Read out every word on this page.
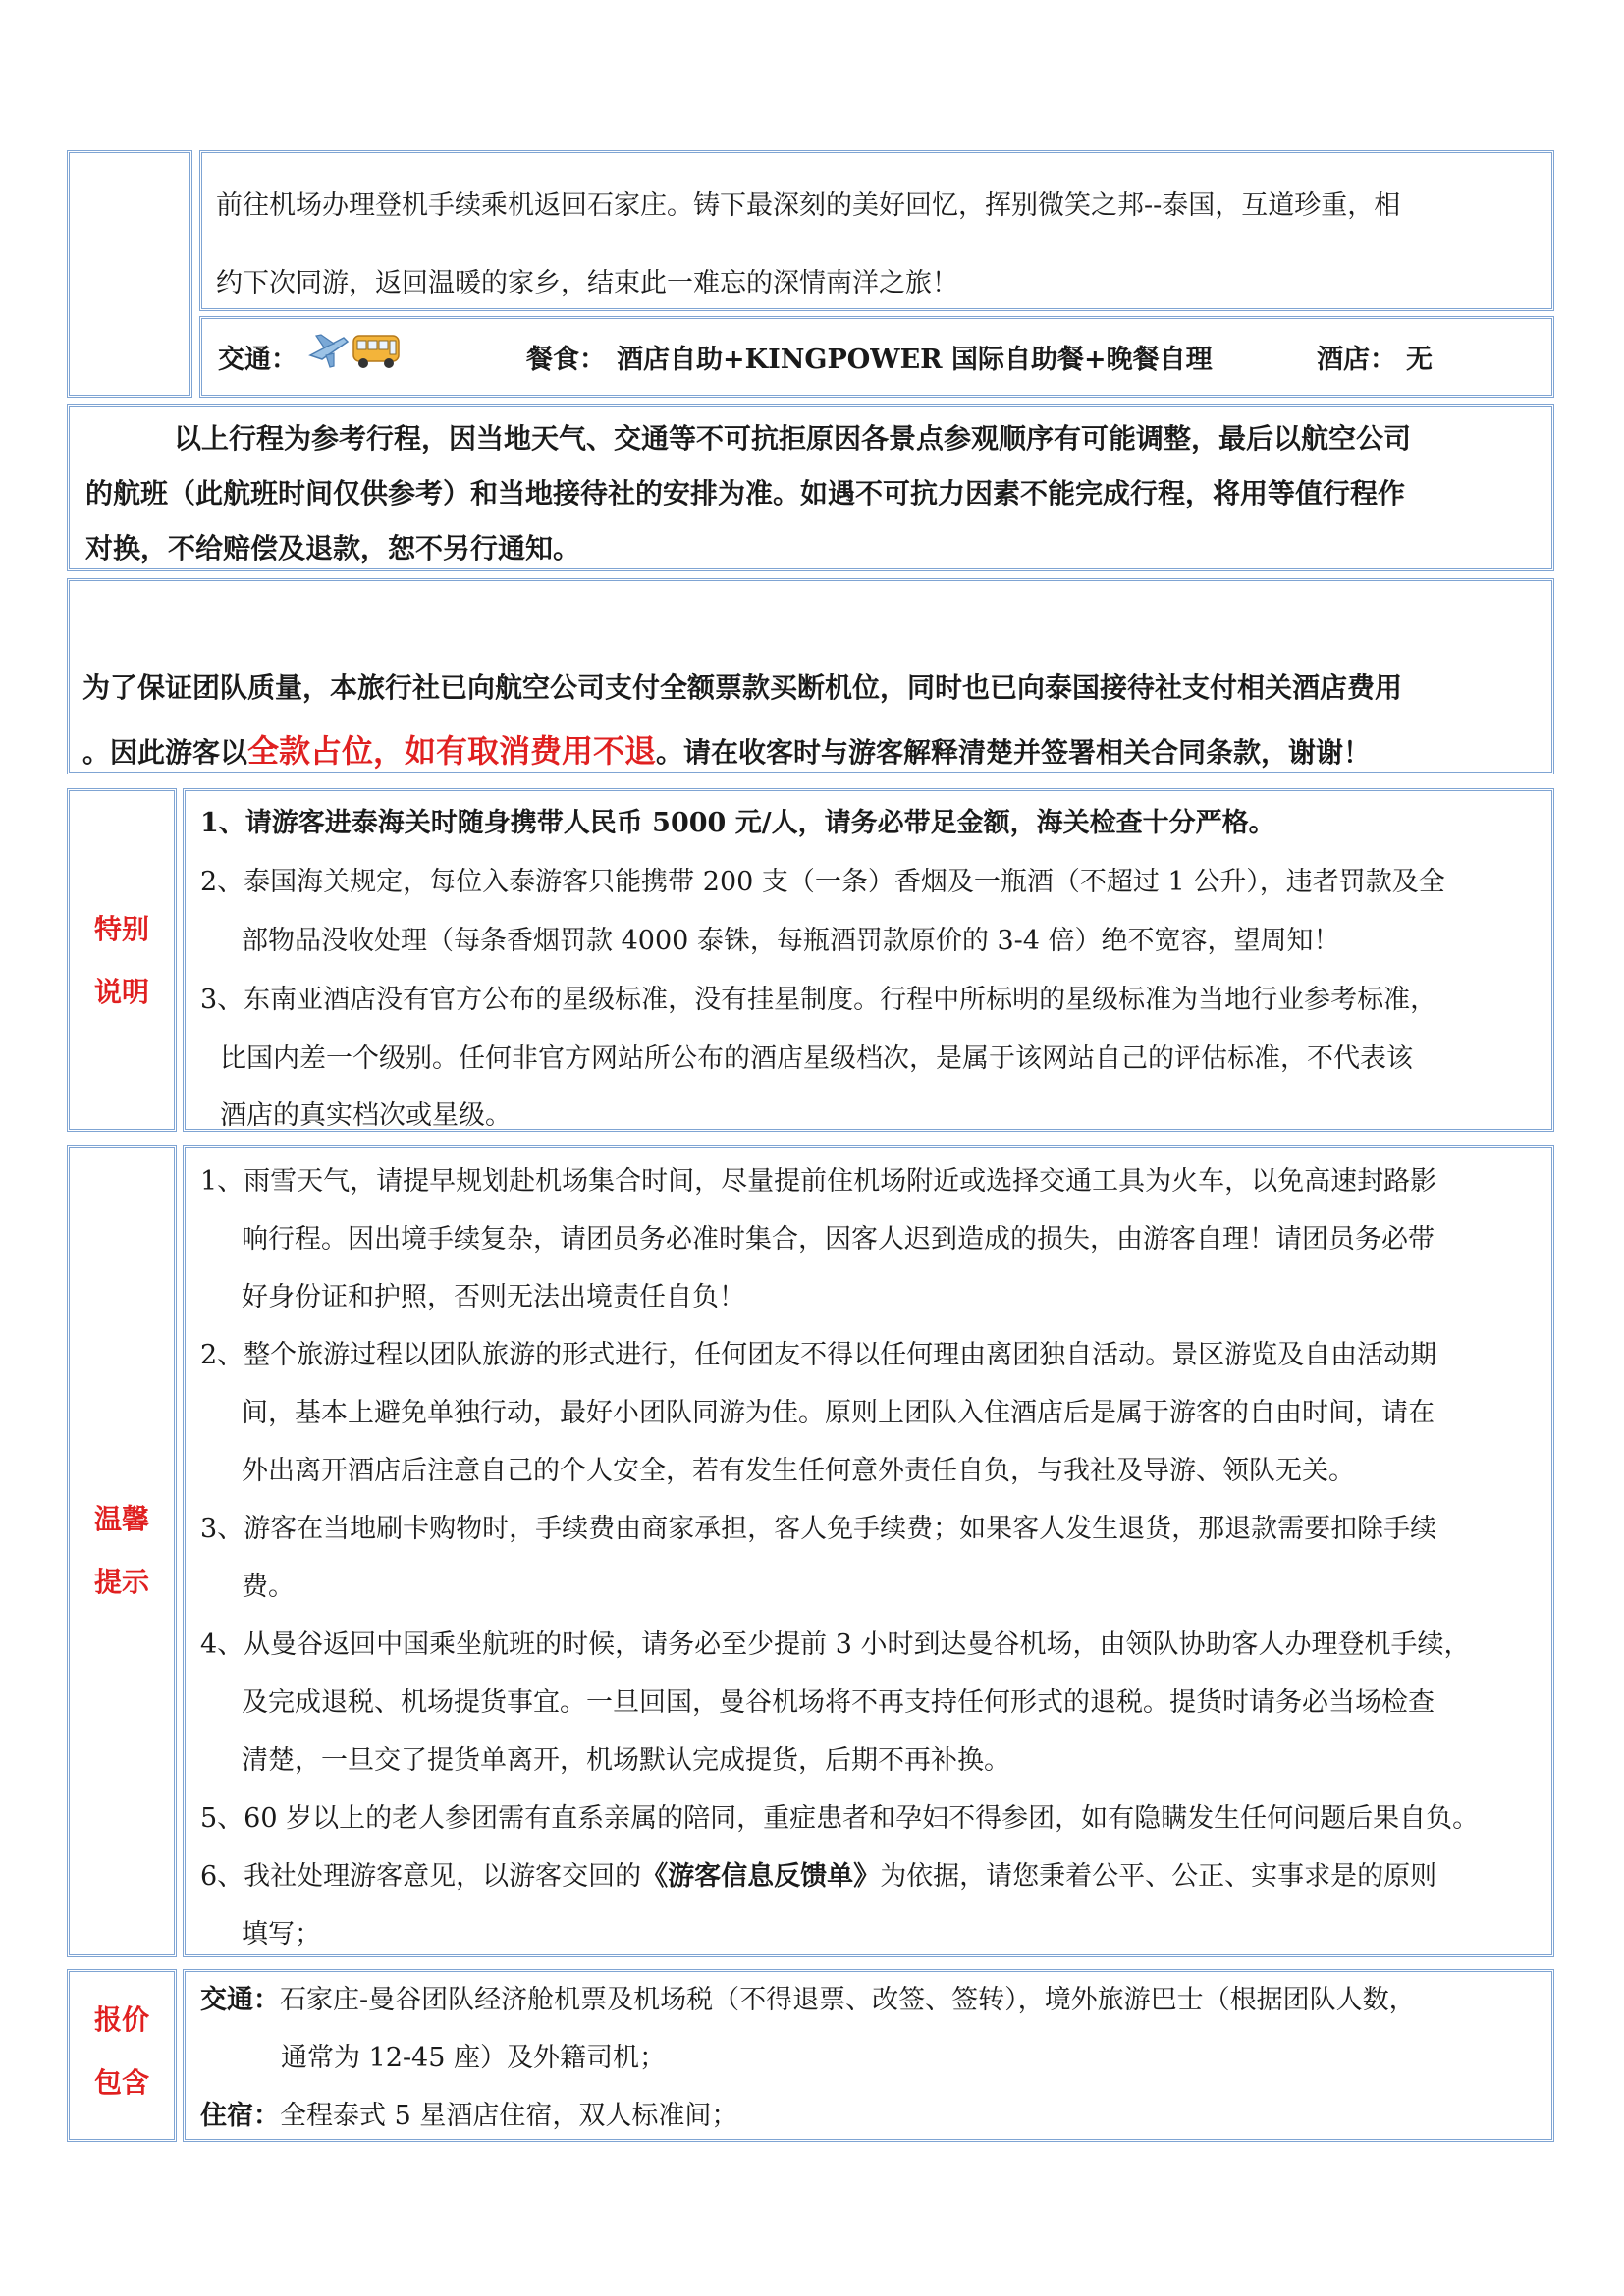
前往机场办理登机手续乘机返回石家庄。铸下最深刻的美好回忆，挥别微笑之邦--泰国，互道珍重，相
约下次同游，返回温暖的家乡，结束此一难忘的深情南洋之旅！
交通：	餐食： 酒店自助+KINGPOWER 国际自助餐+晚餐自理	酒店： 无
以上行程为参考行程，因当地天气、交通等不可抗拒原因各景点参观顺序有可能调整，最后以航空公司
的航班（此航班时间仅供参考）和当地接待社的安排为准。如遇不可抗力因素不能完成行程，将用等值行程作
对换，不给赔偿及退款，恕不另行通知。
为了保证团队质量，本旅行社已向航空公司支付全额票款买断机位，同时也已向泰国接待社支付相关酒店费用
。因此游客以全款占位，如有取消费用不退。请在收客时与游客解释清楚并签署相关合同条款，谢谢！
特别
说明
1、请游客进泰海关时随身携带人民币 5000 元/人，请务必带足金额，海关检查十分严格。
2、泰国海关规定，每位入泰游客只能携带 200 支（一条）香烟及一瓶酒（不超过 1 公升），违者罚款及全
部物品没收处理（每条香烟罚款 4000 泰铢，每瓶酒罚款原价的 3-4 倍）绝不宽容，望周知！
3、东南亚酒店没有官方公布的星级标准，没有挂星制度。行程中所标明的星级标准为当地行业参考标准，
比国内差一个级别。任何非官方网站所公布的酒店星级档次，是属于该网站自己的评估标准，不代表该
酒店的真实档次或星级。
温馨
提示
1、雨雪天气，请提早规划赴机场集合时间，尽量提前住机场附近或选择交通工具为火车，以免高速封路影
响行程。因出境手续复杂，请团员务必准时集合，因客人迟到造成的损失，由游客自理！请团员务必带
好身份证和护照，否则无法出境责任自负！
2、整个旅游过程以团队旅游的形式进行，任何团友不得以任何理由离团独自活动。景区游览及自由活动期
间，基本上避免单独行动，最好小团队同游为佳。原则上团队入住酒店后是属于游客的自由时间，请在
外出离开酒店后注意自己的个人安全，若有发生任何意外责任自负，与我社及导游、领队无关。
3、游客在当地刷卡购物时，手续费由商家承担，客人免手续费；如果客人发生退货，那退款需要扣除手续
费。
4、从曼谷返回中国乘坐航班的时候，请务必至少提前 3 小时到达曼谷机场，由领队协助客人办理登机手续，
及完成退税、机场提货事宜。一旦回国，曼谷机场将不再支持任何形式的退税。提货时请务必当场检查
清楚，一旦交了提货单离开，机场默认完成提货，后期不再补换。
5、60 岁以上的老人参团需有直系亲属的陪同，重症患者和孕妇不得参团，如有隐瞒发生任何问题后果自负。
6、我社处理游客意见，以游客交回的《游客信息反馈单》为依据，请您秉着公平、公正、实事求是的原则
填写；
报价
包含
交通：石家庄-曼谷团队经济舱机票及机场税（不得退票、改签、签转），境外旅游巴士（根据团队人数，
通常为 12-45 座）及外籍司机；
住宿：全程泰式 5 星酒店住宿，双人标准间；
